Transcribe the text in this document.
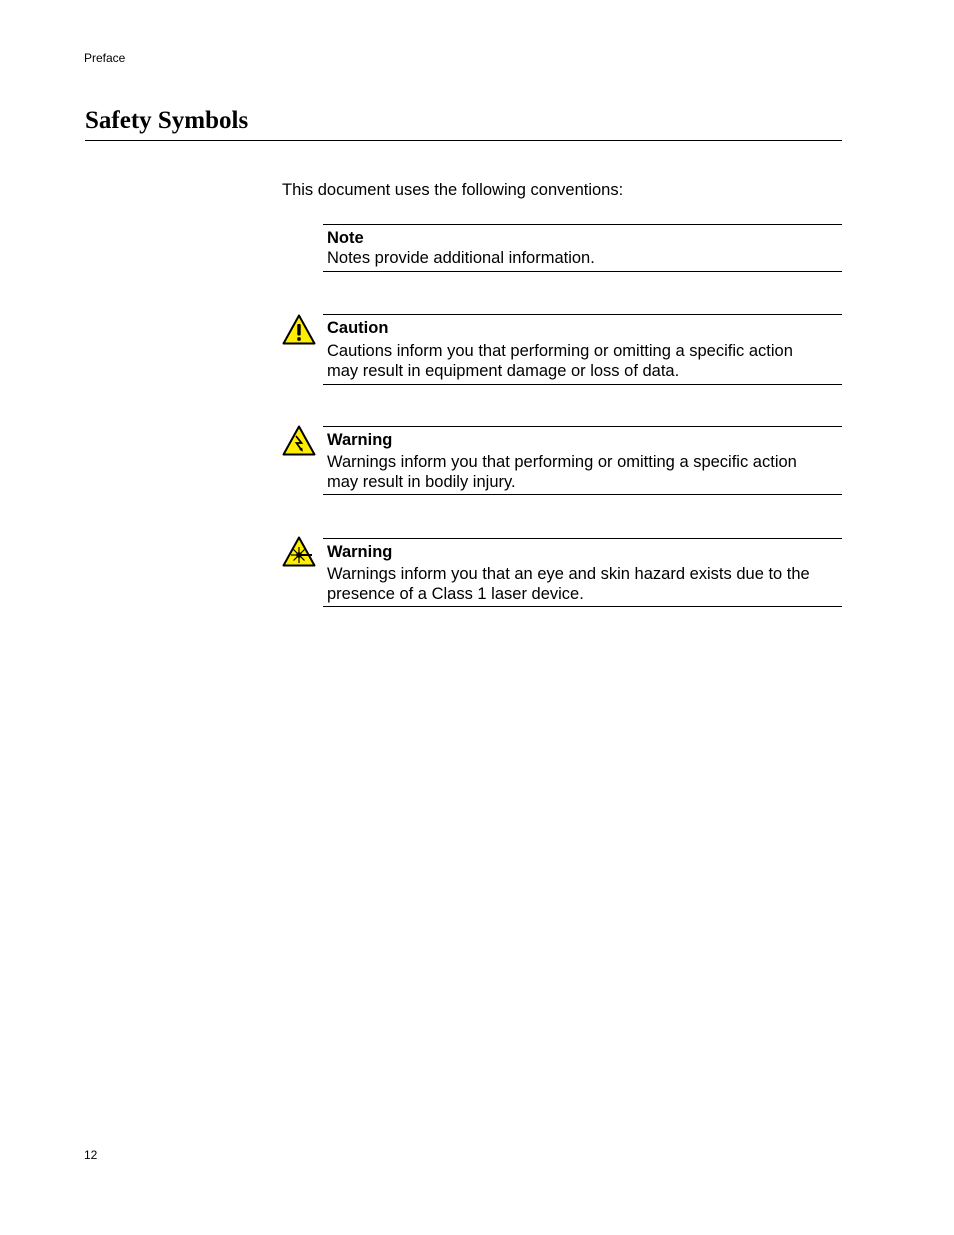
Preface
Safety Symbols
This document uses the following conventions:
Note
Notes provide additional information.
Caution
Cautions inform you that performing or omitting a specific action
may result in equipment damage or loss of data.
Warning
Warnings inform you that performing or omitting a specific action
may result in bodily injury.
Warning
Warnings inform you that an eye and skin hazard exists due to the
presence of a Class 1 laser device.
12
